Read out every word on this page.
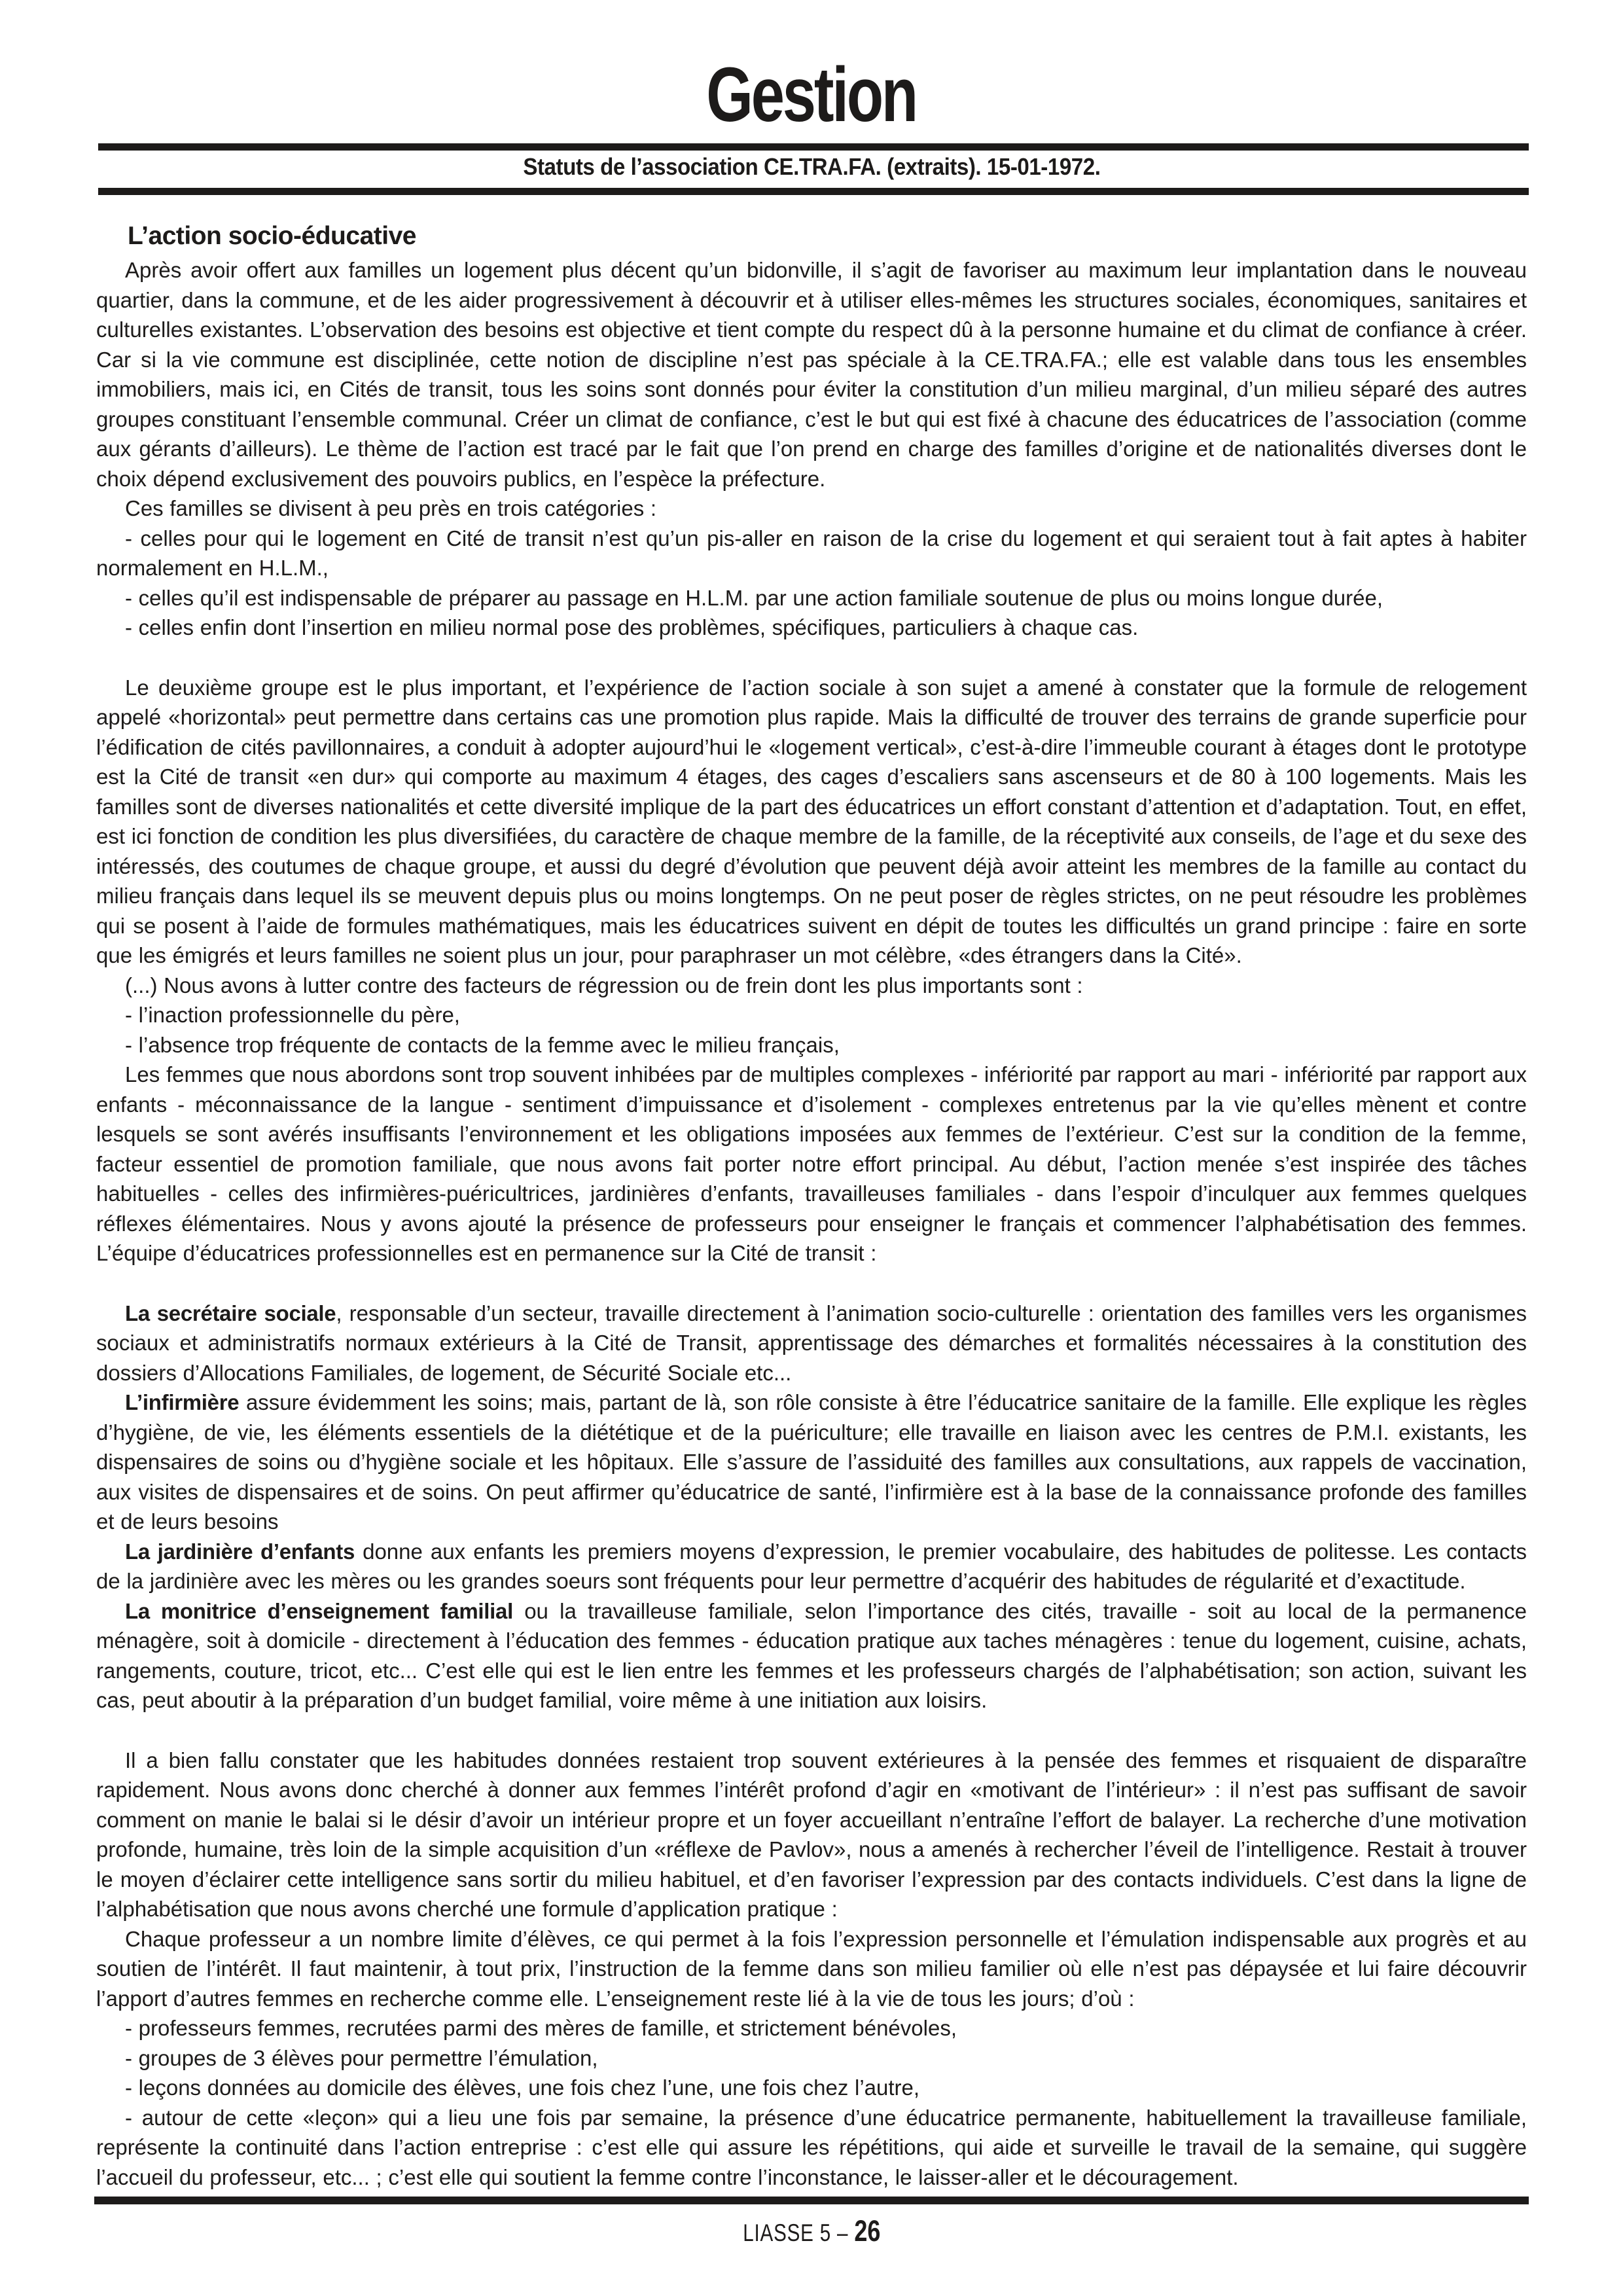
Gestion
Statuts de l’association CE.TRA.FA. (extraits). 15-01-1972.
L’action socio-éducative

Après avoir offert aux familles un logement plus décent qu’un bidonville, il s’agit de favoriser au maximum leur implantation dans le nouveau quartier, dans la commune, et de les aider progressivement à découvrir et à utiliser elles-mêmes les structures sociales, économiques, sanitaires et culturelles existantes. L’observation des besoins est objective et tient compte du respect dû à la personne humaine et du climat de confiance à créer. Car si la vie commune est disciplinée, cette notion de discipline n’est pas spéciale à la CE.TRA.FA.; elle est valable dans tous les ensembles immobiliers, mais ici, en Cités de transit, tous les soins sont donnés pour éviter la constitution d’un milieu marginal, d’un milieu séparé des autres groupes constituant l’ensemble communal. Créer un climat de confiance, c’est le but qui est fixé à chacune des éducatrices de l’association (comme aux gérants d’ailleurs). Le thème de l’action est tracé par le fait que l’on prend en charge des familles d’origine et de nationalités diverses dont le choix dépend exclusivement des pouvoirs publics, en l’espèce la préfecture.

Ces familles se divisent à peu près en trois catégories :

- celles pour qui le logement en Cité de transit n’est qu’un pis-aller en raison de la crise du logement et qui seraient tout à fait aptes à habiter normalement en H.L.M.,

- celles qu’il est indispensable de préparer au passage en H.L.M. par une action familiale soutenue de plus ou moins longue durée,

- celles enfin dont l’insertion en milieu normal pose des problèmes, spécifiques, particuliers à chaque cas.

Le deuxième groupe est le plus important, et l’expérience de l’action sociale à son sujet a amené à constater que la formule de relogement appelé «horizontal» peut permettre dans certains cas une promotion plus rapide. Mais la difficulté de trouver des terrains de grande superficie pour l’édification de cités pavillonnaires, a conduit à adopter aujourd’hui le «logement vertical», c’est-à-dire l’immeuble courant à étages dont le prototype est la Cité de transit «en dur» qui comporte au maximum 4 étages, des cages d’escaliers sans ascenseurs et de 80 à 100 logements. Mais les familles sont de diverses nationalités et cette diversité implique de la part des éducatrices un effort constant d’attention et d’adaptation. Tout, en effet, est ici fonction de condition les plus diversifiées, du caractère de chaque membre de la famille, de la réceptivité aux conseils, de l’age et du sexe des intéressés, des coutumes de chaque groupe, et aussi du degré d’évolution que peuvent déjà avoir atteint les membres de la famille au contact du milieu français dans lequel ils se meuvent depuis plus ou moins longtemps. On ne peut poser de règles strictes, on ne peut résoudre les problèmes qui se posent à l’aide de formules mathématiques, mais les éducatrices suivent en dépit de toutes les difficultés un grand principe : faire en sorte que les émigrés et leurs familles ne soient plus un jour, pour paraphraser un mot célèbre, «des étrangers dans la Cité».

(...) Nous avons à lutter contre des facteurs de régression ou de frein dont les plus importants sont :

- l’inaction professionnelle du père,

- l’absence trop fréquente de contacts de la femme avec le milieu français,

Les femmes que nous abordons sont trop souvent inhibées par de multiples complexes - infériorité par rapport au mari - infériorité par rapport aux enfants - méconnaissance de la langue - sentiment d’impuissance et d’isolement - complexes entretenus par la vie qu’elles mènent et contre lesquels se sont avérés insuffisants l’environnement et les obligations imposées aux femmes de l’extérieur. C’est sur la condition de la femme, facteur essentiel de promotion familiale, que nous avons fait porter notre effort principal. Au début, l’action menée s’est inspirée des tâches habituelles - celles des infirmières-puéricultrices, jardinières d’enfants, travailleuses familiales - dans l’espoir d’inculquer aux femmes quelques réflexes élémentaires. Nous y avons ajouté la présence de professeurs pour enseigner le français et commencer l’alphabétisation des femmes. L’équipe d’éducatrices professionnelles est en permanence sur la Cité de transit :

La secrétaire sociale, responsable d’un secteur, travaille directement à l’animation socio-culturelle : orientation des familles vers les organismes sociaux et administratifs normaux extérieurs à la Cité de Transit, apprentissage des démarches et formalités nécessaires à la constitution des dossiers d’Allocations Familiales, de logement, de Sécurité Sociale etc...

L’infirmière assure évidemment les soins; mais, partant de là, son rôle consiste à être l’éducatrice sanitaire de la famille. Elle explique les règles d’hygiène, de vie, les éléments essentiels de la diététique et de la puériculture; elle travaille en liaison avec les centres de P.M.I. existants, les dispensaires de soins ou d’hygiène sociale et les hôpitaux. Elle s’assure de l’assiduité des familles aux consultations, aux rappels de vaccination, aux visites de dispensaires et de soins. On peut affirmer qu’éducatrice de santé, l’infirmière est à la base de la connaissance profonde des familles et de leurs besoins

La jardinière d’enfants donne aux enfants les premiers moyens d’expression, le premier vocabulaire, des habitudes de politesse. Les contacts de la jardinière avec les mères ou les grandes soeurs sont fréquents pour leur permettre d’acquérir des habitudes de régularité et d’exactitude.

La monitrice d’enseignement familial ou la travailleuse familiale, selon l’importance des cités, travaille - soit au local de la permanence ménagère, soit à domicile - directement à l’éducation des femmes - éducation pratique aux taches ménagères : tenue du logement, cuisine, achats, rangements, couture, tricot, etc... C’est elle qui est le lien entre les femmes et les professeurs chargés de l’alphabétisation; son action, suivant les cas, peut aboutir à la préparation d’un budget familial, voire même à une initiation aux loisirs.

Il a bien fallu constater que les habitudes données restaient trop souvent extérieures à la pensée des femmes et risquaient de disparaître rapidement. Nous avons donc cherché à donner aux femmes l’intérêt profond d’agir en «motivant de l’intérieur» : il n’est pas suffisant de savoir comment on manie le balai si le désir d’avoir un intérieur propre et un foyer accueillant n’entraîne l’effort de balayer. La recherche d’une motivation profonde, humaine, très loin de la simple acquisition d’un «réflexe de Pavlov», nous a amenés à rechercher l’éveil de l’intelligence. Restait à trouver le moyen d’éclairer cette intelligence sans sortir du milieu habituel, et d’en favoriser l’expression par des contacts individuels. C’est dans la ligne de l’alphabétisation que nous avons cherché une formule d’application pratique :

Chaque professeur a un nombre limite d’élèves, ce qui permet à la fois l’expression personnelle et l’émulation indispensable aux progrès et au soutien de l’intérêt. Il faut maintenir, à tout prix, l’instruction de la femme dans son milieu familier où elle n’est pas dépaysée et lui faire découvrir l’apport d’autres femmes en recherche comme elle. L’enseignement reste lié à la vie de tous les jours; d’où :

- professeurs femmes, recrutées parmi des mères de famille, et strictement bénévoles,

- groupes de 3 élèves pour permettre l’émulation,

- leçons données au domicile des élèves, une fois chez l’une, une fois chez l’autre,

- autour de cette «leçon» qui a lieu une fois par semaine, la présence d’une éducatrice permanente, habituellement la travailleuse familiale, représente la continuité dans l’action entreprise : c’est elle qui assure les répétitions, qui aide et surveille le travail de la semaine, qui suggère l’accueil du professeur, etc... ; c’est elle qui soutient la femme contre l’inconstance, le laisser-aller et le découragement.

LIASSE 5 – 26
